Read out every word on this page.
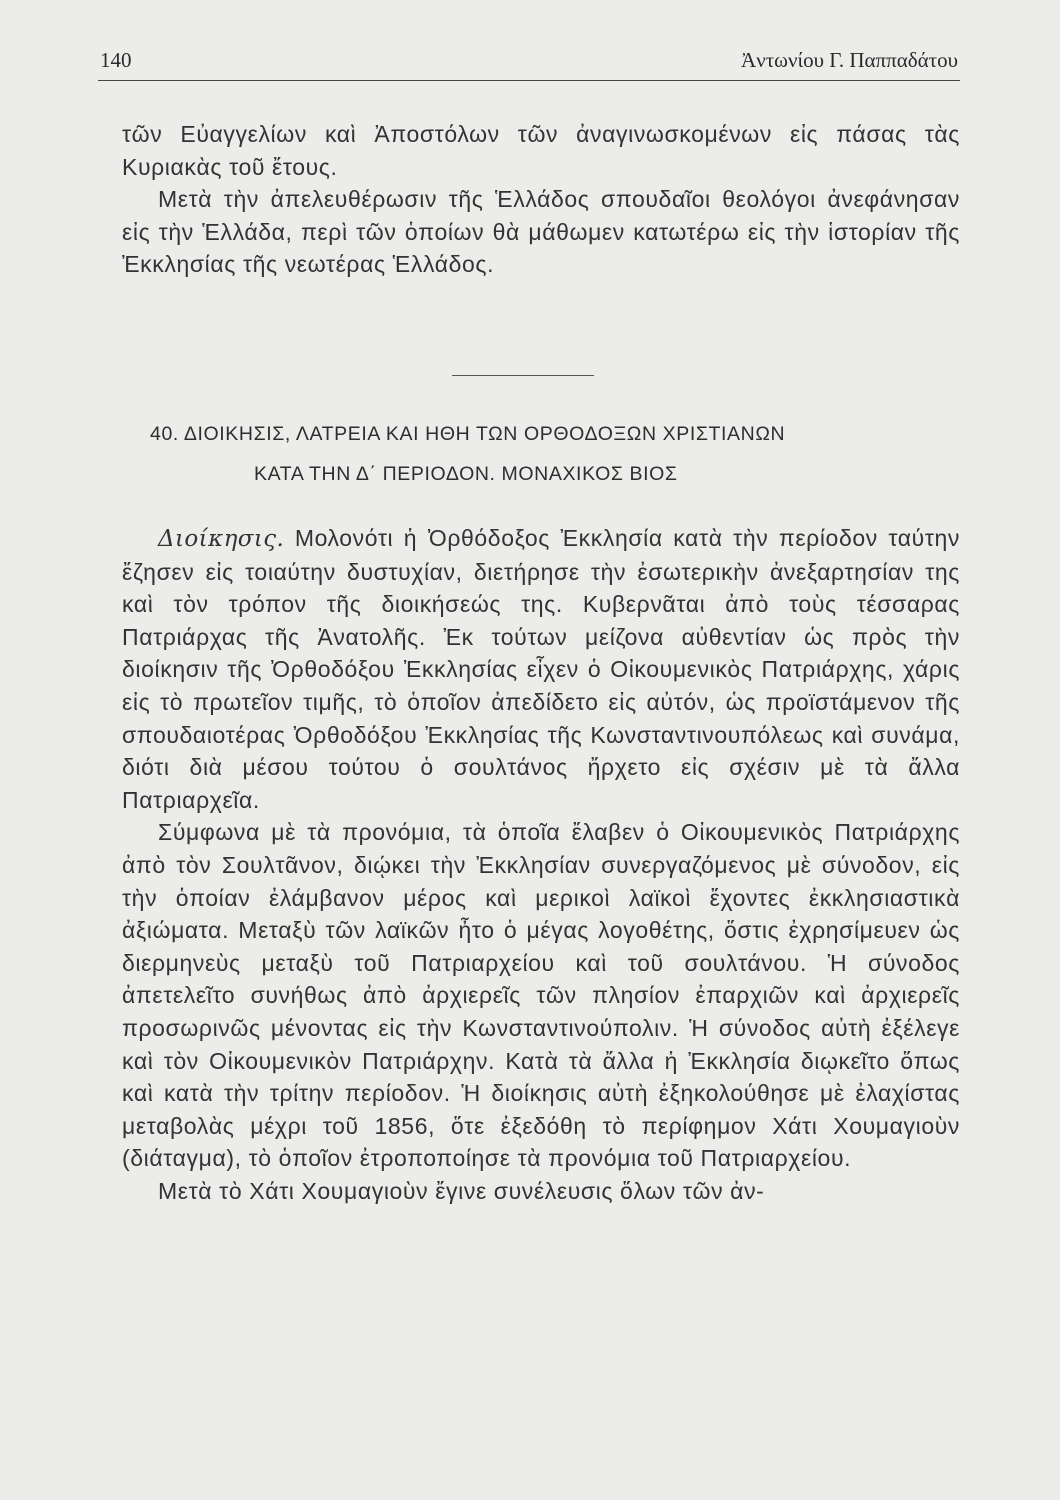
140	Ἀντωνίου Γ. Παππαδάτου

τῶν Εὐαγγελίων καὶ Ἀποστόλων τῶν ἀναγινωσκομένων εἰς πάσας τὰς Κυριακὰς τοῦ ἔτους.

Μετὰ τὴν ἀπελευθέρωσιν τῆς Ἑλλάδος σπουδαῖοι θεολόγοι ἀνεφάνησαν εἰς τὴν Ἑλλάδα, περὶ τῶν ὁποίων θὰ μάθωμεν κατωτέρω εἰς τὴν ἱστορίαν τῆς Ἐκκλησίας τῆς νεωτέρας Ἑλλάδος.

40. ΔΙΟΙΚΗΣΙΣ, ΛΑΤΡΕΙΑ ΚΑΙ ΗΘΗ ΤΩΝ ΟΡΘΟΔΟΞΩΝ ΧΡΙΣΤΙΑΝΩΝ
ΚΑΤΑ ΤΗΝ Δ΄ ΠΕΡΙΟΔΟΝ. ΜΟΝΑΧΙΚΟΣ ΒΙΟΣ

Διοίκησις. Μολονότι ἡ Ὀρθόδοξος Ἐκκλησία κατὰ τὴν περίοδον ταύτην ἔζησεν εἰς τοιαύτην δυστυχίαν, διετήρησε τὴν ἐσωτερικὴν ἀνεξαρτησίαν της καὶ τὸν τρόπον τῆς διοικήσεώς της. Κυβερνᾶται ἀπὸ τοὺς τέσσαρας Πατριάρχας τῆς Ἀνατολῆς. Ἐκ τούτων μείζονα αὐθεντίαν ὡς πρὸς τὴν διοίκησιν τῆς Ὀρθοδόξου Ἐκκλησίας εἶχεν ὁ Οἰκουμενικὸς Πατριάρχης, χάρις εἰς τὸ πρωτεῖον τιμῆς, τὸ ὁποῖον ἀπεδίδετο εἰς αὐτόν, ὡς προϊστάμενον τῆς σπουδαιοτέρας Ὀρθοδόξου Ἐκκλησίας τῆς Κωνσταντινουπόλεως καὶ συνάμα, διότι διὰ μέσου τούτου ὁ σουλτάνος ἤρχετο εἰς σχέσιν μὲ τὰ ἄλλα Πατριαρχεῖα.

Σύμφωνα μὲ τὰ προνόμια, τὰ ὁποῖα ἔλαβεν ὁ Οἰκουμενικὸς Πατριάρχης ἀπὸ τὸν Σουλτᾶνον, διῴκει τὴν Ἐκκλησίαν συνεργαζόμενος μὲ σύνοδον, εἰς τὴν ὁποίαν ἐλάμβανον μέρος καὶ μερικοὶ λαϊκοὶ ἔχοντες ἐκκλησιαστικὰ ἀξιώματα. Μεταξὺ τῶν λαϊκῶν ἦτο ὁ μέγας λογοθέτης, ὅστις ἐχρησίμευεν ὡς διερμηνεὺς μεταξὺ τοῦ Πατριαρχείου καὶ τοῦ σουλτάνου. Ἡ σύνοδος ἀπετελεῖτο συνήθως ἀπὸ ἀρχιερεῖς τῶν πλησίον ἐπαρχιῶν καὶ ἀρχιερεῖς προσωρινῶς μένοντας εἰς τὴν Κωνσταντινούπολιν. Ἡ σύνοδος αὐτὴ ἐξέλεγε καὶ τὸν Οἰκουμενικὸν Πατριάρχην. Κατὰ τὰ ἄλλα ἡ Ἐκκλησία διῳκεῖτο ὅπως καὶ κατὰ τὴν τρίτην περίοδον. Ἡ διοίκησις αὐτὴ ἐξηκολούθησε μὲ ἐλαχίστας μεταβολὰς μέχρι τοῦ 1856, ὅτε ἐξεδόθη τὸ περίφημον Χάτι Χουμαγιοὺν (διάταγμα), τὸ ὁποῖον ἐτροποποίησε τὰ προνόμια τοῦ Πατριαρχείου.

Μετὰ τὸ Χάτι Χουμαγιοὺν ἔγινε συνέλευσις ὅλων τῶν ἀν-
